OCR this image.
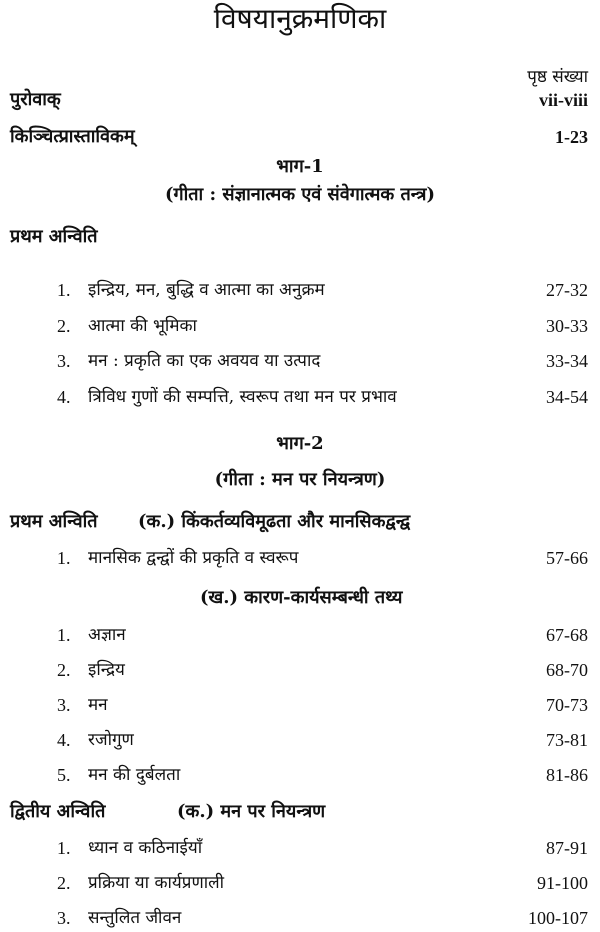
विषयानुक्रमणिका
पृष्ठ संख्या
पुरोवाक्	vii-viii
किञ्चित्प्रास्ताविकम्	1-23
भाग-1
(गीता : संज्ञानात्मक एवं संवेगात्मक तन्त्र)
प्रथम अन्विति
1. इन्द्रिय, मन, बुद्धि व आत्मा का अनुक्रम	27-32
2. आत्मा की भूमिका	30-33
3. मन : प्रकृति का एक अवयव या उत्पाद	33-34
4. त्रिविध गुणों की सम्पत्ति, स्वरूप तथा मन पर प्रभाव	34-54
भाग-2
(गीता : मन पर नियन्त्रण)
प्रथम अन्विति (क.) किंकर्तव्यविमूढता और मानसिकद्वन्द्व
1. मानसिक द्वन्द्वों की प्रकृति व स्वरूप	57-66
(ख.) कारण-कार्यसम्बन्धी तथ्य
1. अज्ञान	67-68
2. इन्द्रिय	68-70
3. मन	70-73
4. रजोगुण	73-81
5. मन की दुर्बलता	81-86
द्वितीय अन्विति	(क.) मन पर नियन्त्रण
1. ध्यान व कठिनाईयाँ	87-91
2. प्रक्रिया या कार्यप्रणाली	91-100
3. सन्तुलित जीवन	100-107
